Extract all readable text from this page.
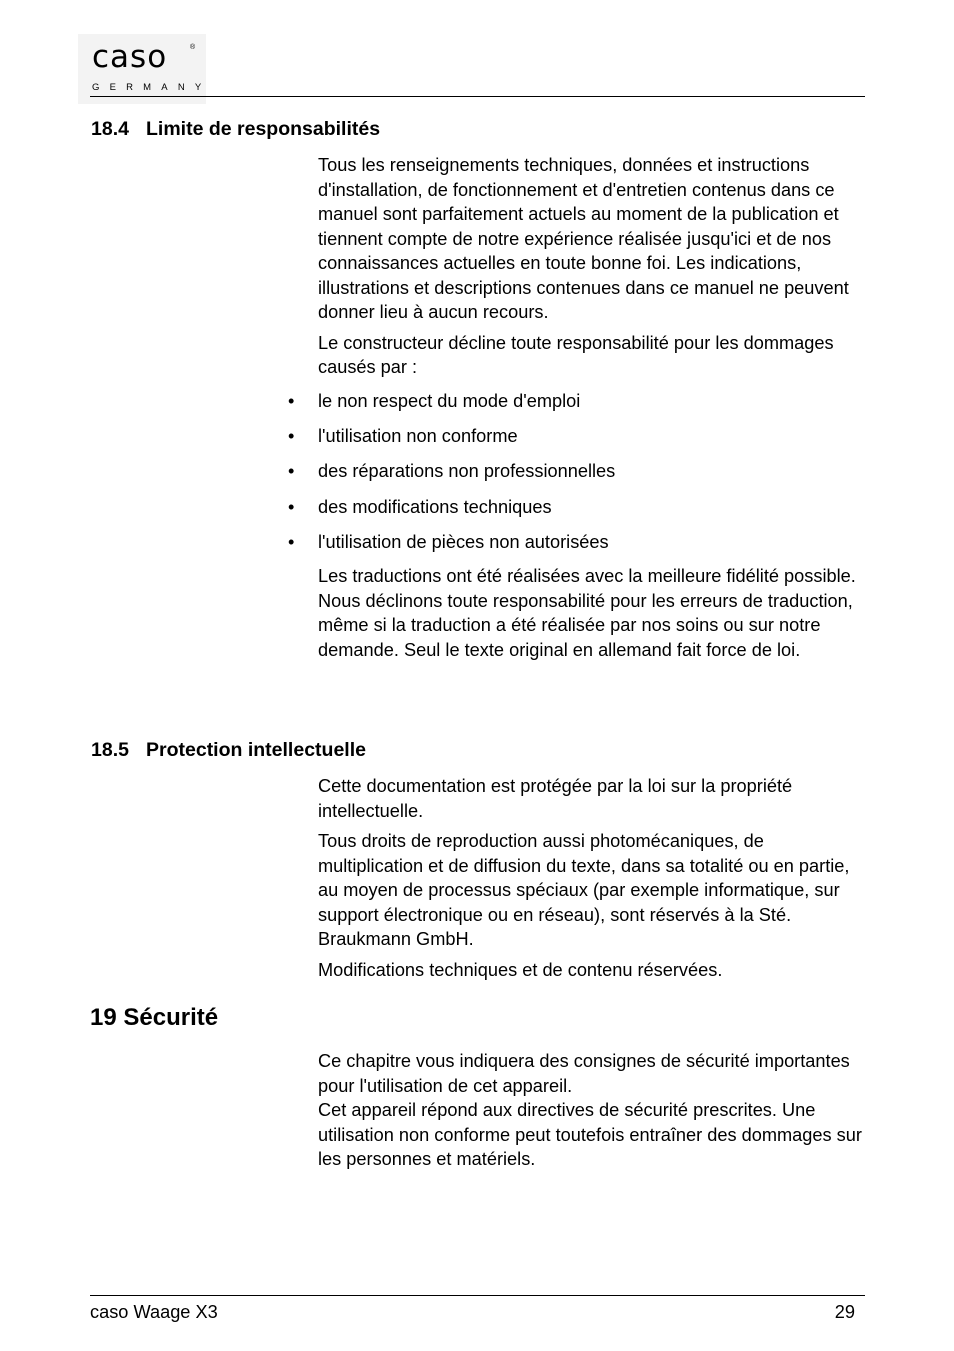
caso	®
GERMANY
18.4 Limite de responsabilités

Tous les renseignements techniques, données et instructions d'installation, de fonctionnement et d'entretien contenus dans ce manuel sont parfaitement actuels au moment de la publication et tiennent compte de notre expérience réalisée jusqu'ici et de nos connaissances actuelles en toute bonne foi. Les indications, illustrations et descriptions contenues dans ce manuel ne peuvent donner lieu à aucun recours.

Le constructeur décline toute responsabilité pour les dommages causés par :

• le non respect du mode d'emploi
• l'utilisation non conforme
• des réparations non professionnelles
• des modifications techniques
• l'utilisation de pièces non autorisées

Les traductions ont été réalisées avec la meilleure fidélité possible. Nous déclinons toute responsabilité pour les erreurs de traduction, même si la traduction a été réalisée par nos soins ou sur notre demande. Seul le texte original en allemand fait force de loi.

18.5 Protection intellectuelle

Cette documentation est protégée par la loi sur la propriété intellectuelle.

Tous droits de reproduction aussi photomécaniques, de multiplication et de diffusion du texte, dans sa totalité ou en partie, au moyen de processus spéciaux (par exemple informatique, sur support électronique ou en réseau), sont réservés à la Sté. Braukmann GmbH.

Modifications techniques et de contenu réservées.

19 Sécurité

Ce chapitre vous indiquera des consignes de sécurité importantes pour l'utilisation de cet appareil.

Cet appareil répond aux directives de sécurité prescrites. Une utilisation non conforme peut toutefois entraîner des dommages sur les personnes et matériels.

caso Waage X3	29
